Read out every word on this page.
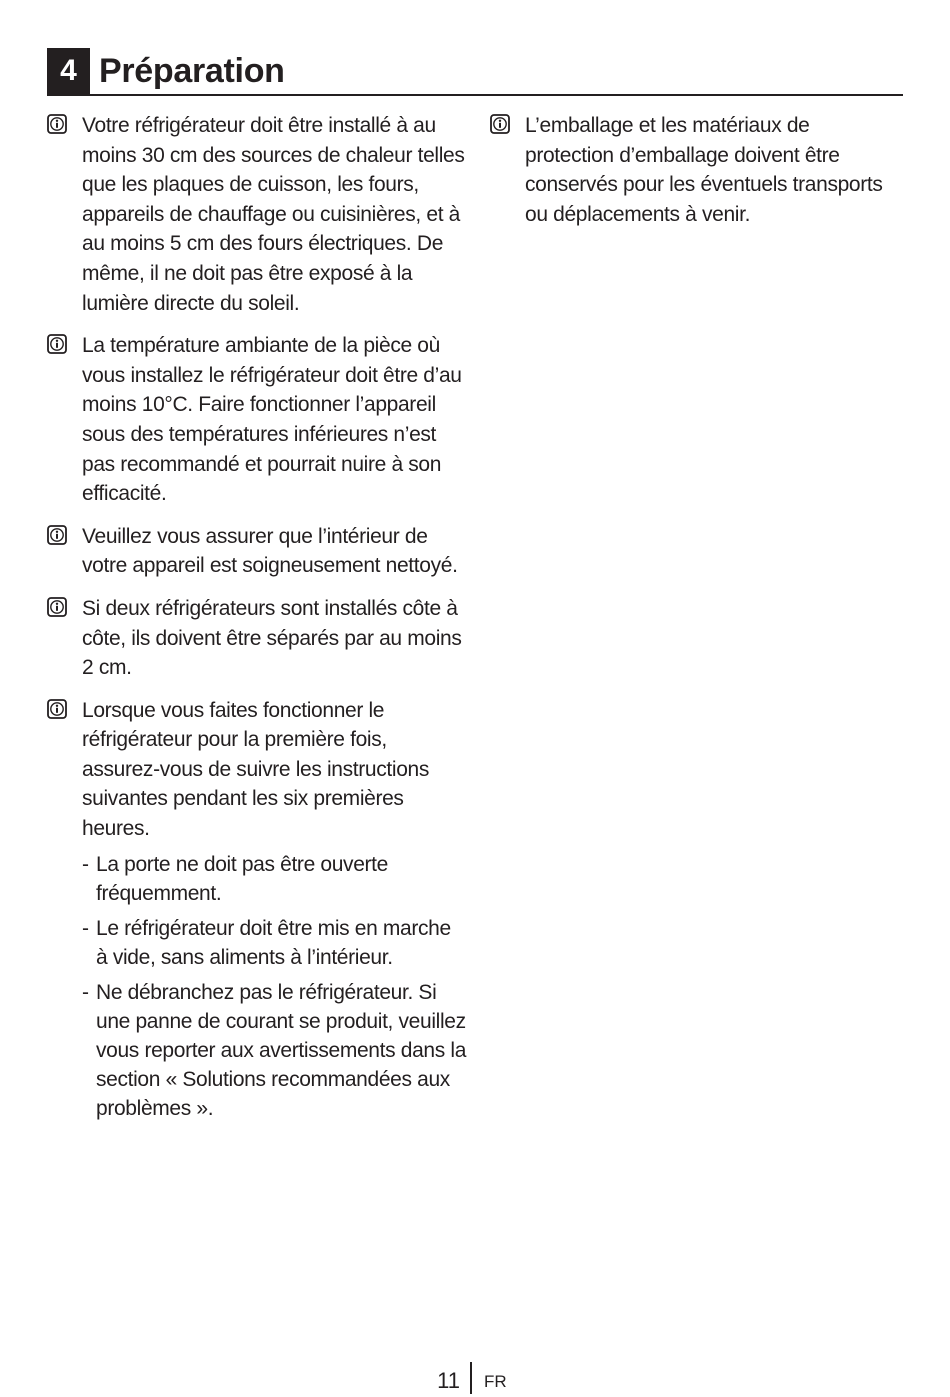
4 Préparation
Votre réfrigérateur doit être installé à au moins 30 cm des sources de chaleur telles que les plaques de cuisson, les fours, appareils de chauffage ou cuisinières, et à au moins 5 cm des fours électriques. De même, il ne doit pas être exposé à la lumière directe du soleil.
La température ambiante de la pièce où vous installez le réfrigérateur doit être d’au moins 10°C. Faire fonctionner l’appareil sous des températures inférieures n’est pas recommandé et pourrait nuire à son efficacité.
Veuillez vous assurer que l’intérieur de votre appareil est soigneusement nettoyé.
Si deux réfrigérateurs sont installés côte à côte, ils doivent être séparés par au moins 2 cm.
Lorsque vous faites fonctionner le réfrigérateur pour la première fois, assurez-vous de suivre les instructions suivantes pendant les six premières heures.
- La porte ne doit pas être ouverte fréquemment.
- Le réfrigérateur doit être mis en marche à vide, sans aliments à l’intérieur.
- Ne débranchez pas le réfrigérateur. Si une panne de courant se produit, veuillez vous reporter aux avertissements dans la section « Solutions recommandées aux problèmes ».
L’emballage et les matériaux de protection d’emballage doivent être conservés pour les éventuels transports ou déplacements à venir.
11 FR
